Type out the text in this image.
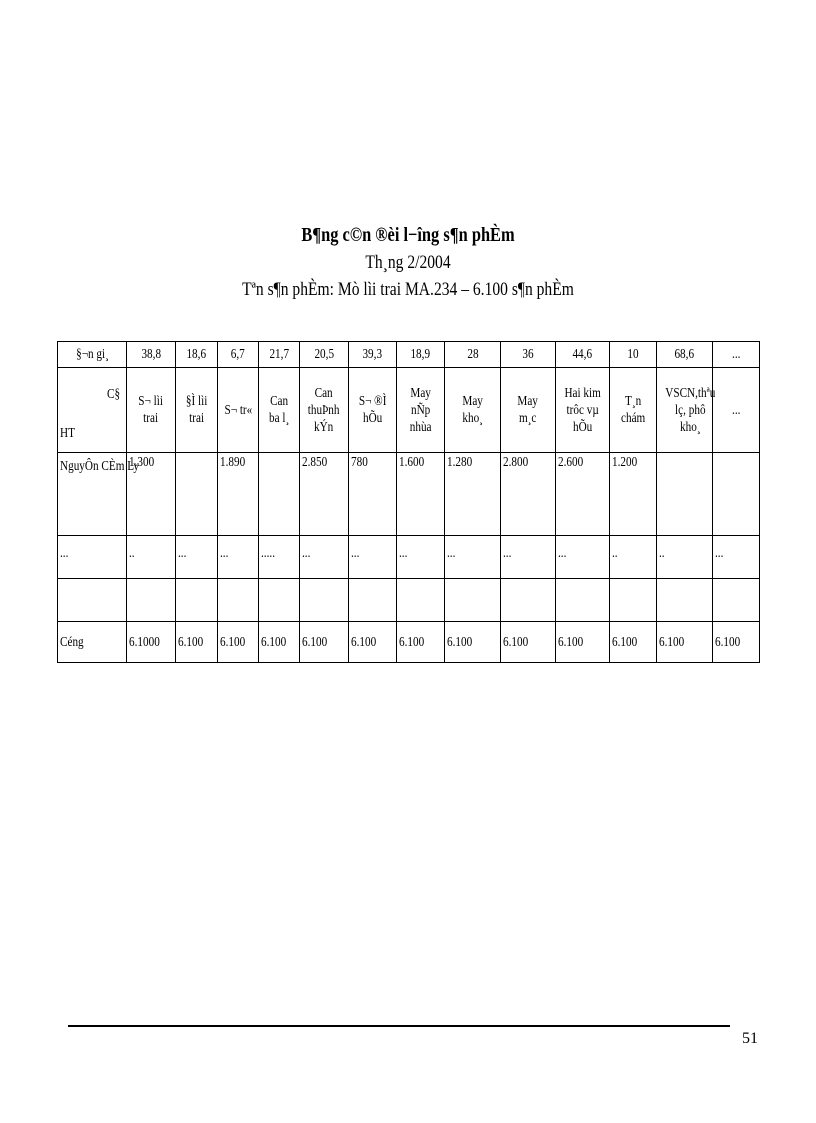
B¶ng c©n ®èi l−îng s¶n phÈm
Th¸ng 2/2004
Tªn s¶n phÈm: Mò lìi trai MA.234 – 6.100 s¶n phÈm
§¬n gi¸	38,8	18,6	6,7	21,7	20,5	39,3	18,9	28	36	44,6	10	68,6	...

C§
HT	S¬ lìi trai	§Ì lìi trai	S¬ tr«	Can ba l¸	Can thuÞnh kÝn	S¬ ®Ì hÕu	May nÑp nhùa	May kho¸	May m¸c	Hai kim trôc vµ hÕu	T¸n chám	VSCN,thªu lç, phô kho¸	...
NguyÔn CÈm Ly	1.300		1.890		2.850	780	1.600	1.280	2.800	2.600	1.200		
...	..	...	...	.....	...	...	...	...	...	...	..	..	...

Céng	6.1000	6.100	6.100	6.100	6.100	6.100	6.100	6.100	6.100	6.100	6.100	6.100	6.100
51
